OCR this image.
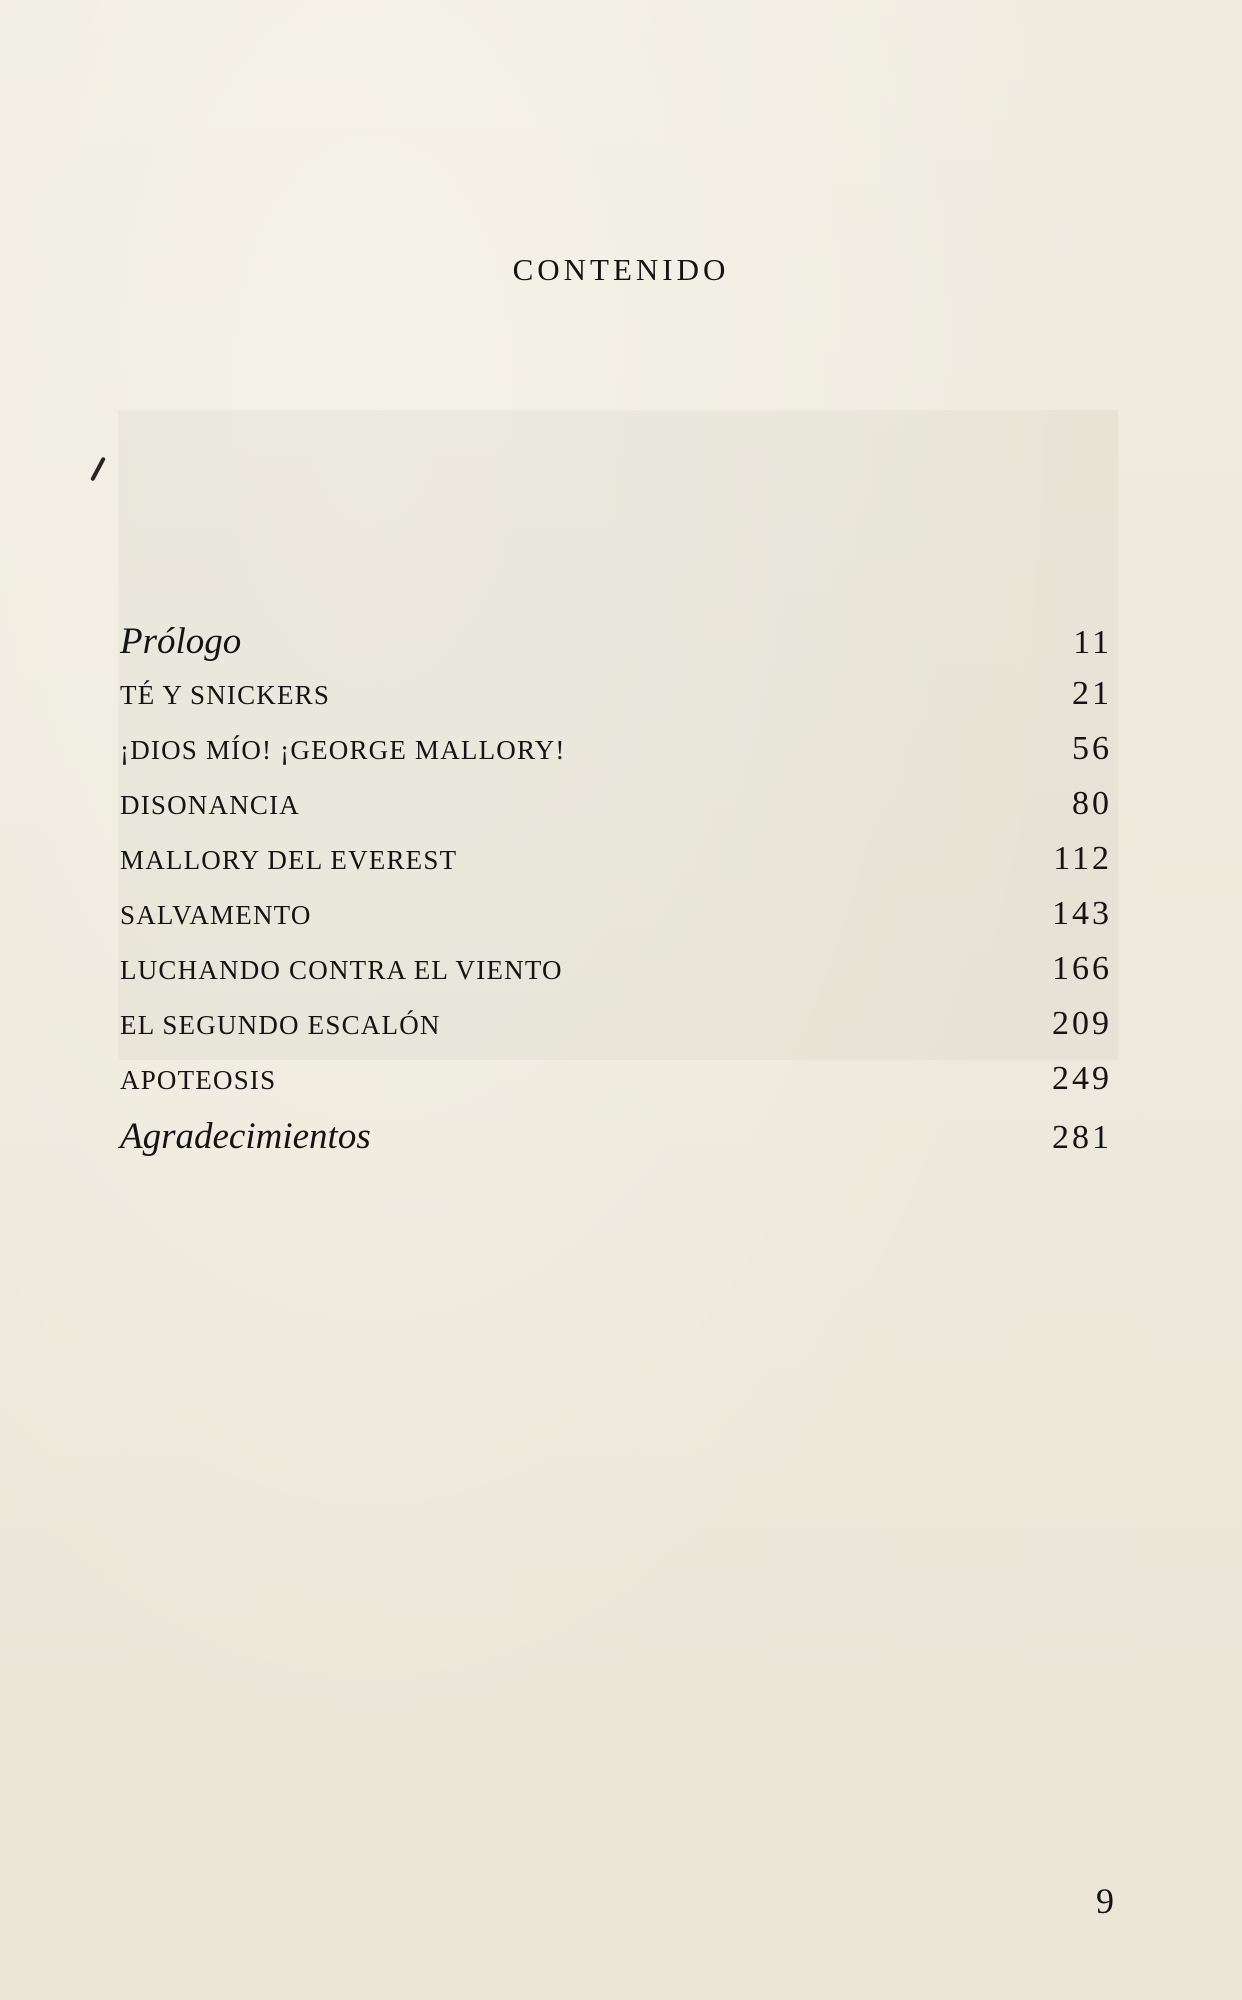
CONTENIDO
Prólogo	11
TÉ Y SNICKERS	21
¡DIOS MÍO! ¡GEORGE MALLORY!	56
DISONANCIA	80
MALLORY DEL EVEREST	112
SALVAMENTO	143
LUCHANDO CONTRA EL VIENTO	166
EL SEGUNDO ESCALÓN	209
APOTEOSIS	249
Agradecimientos	281
9
